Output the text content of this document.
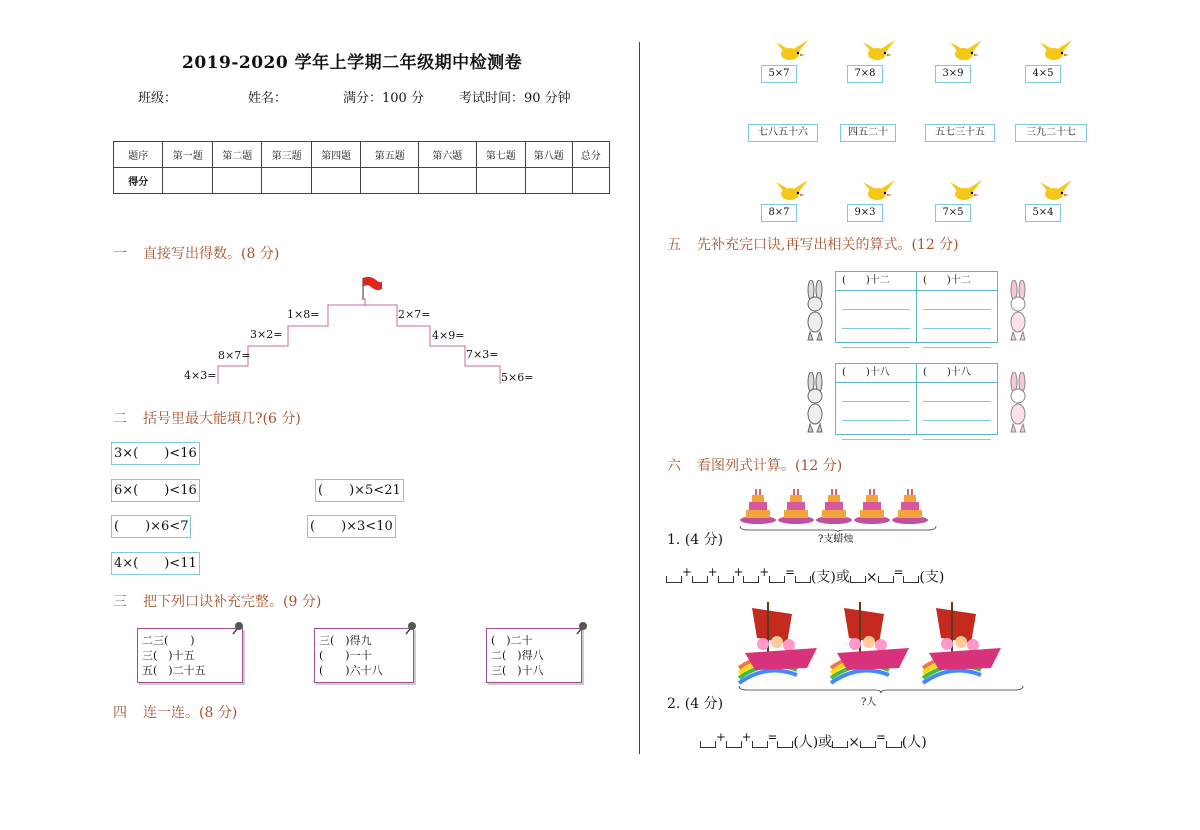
2019-2020 学年上学期二年级期中检测卷
班级：	姓名：	满分：100 分	考试时间：90 分钟
题序	第一题	第二题	第三题	第四题	第五题	第六题	第七题	第八题	总分
得分									
一 直接写出得数。(8 分)
4×3=
8×7=
3×2=
1×8=	2×7=
4×9=
7×3=
5×6=
二 括号里最大能填几?(6 分)
3×(　　)<16
6×(　　)<16	(　　)×5<21
(　　)×6<7	(　　)×3<10
4×(　　)<11
三 把下列口诀补充完整。(9 分)
二三(　　)
三(　)十五
五(　)二十五
三(　)得九
(　　)一十
(　　)六十八
(　)二十
二(　)得八
三(　)十八
四 连一连。(8 分)
5×7	7×8	3×9	4×5
七八五十六	四五二十	五七三十五	三九二十七
8×7	9×3	7×5	5×4
五 先补充完口诀,再写出相关的算式。(12 分)
(　　)十二	(　　)十二
(　　)十八	(　　)十八
六 看图列式计算。(12 分)
?支蜡烛
1. (4 分)
+ + + + = (支)或 × = (支)
?人
2. (4 分)
+ + = (人)或 × = (人)
